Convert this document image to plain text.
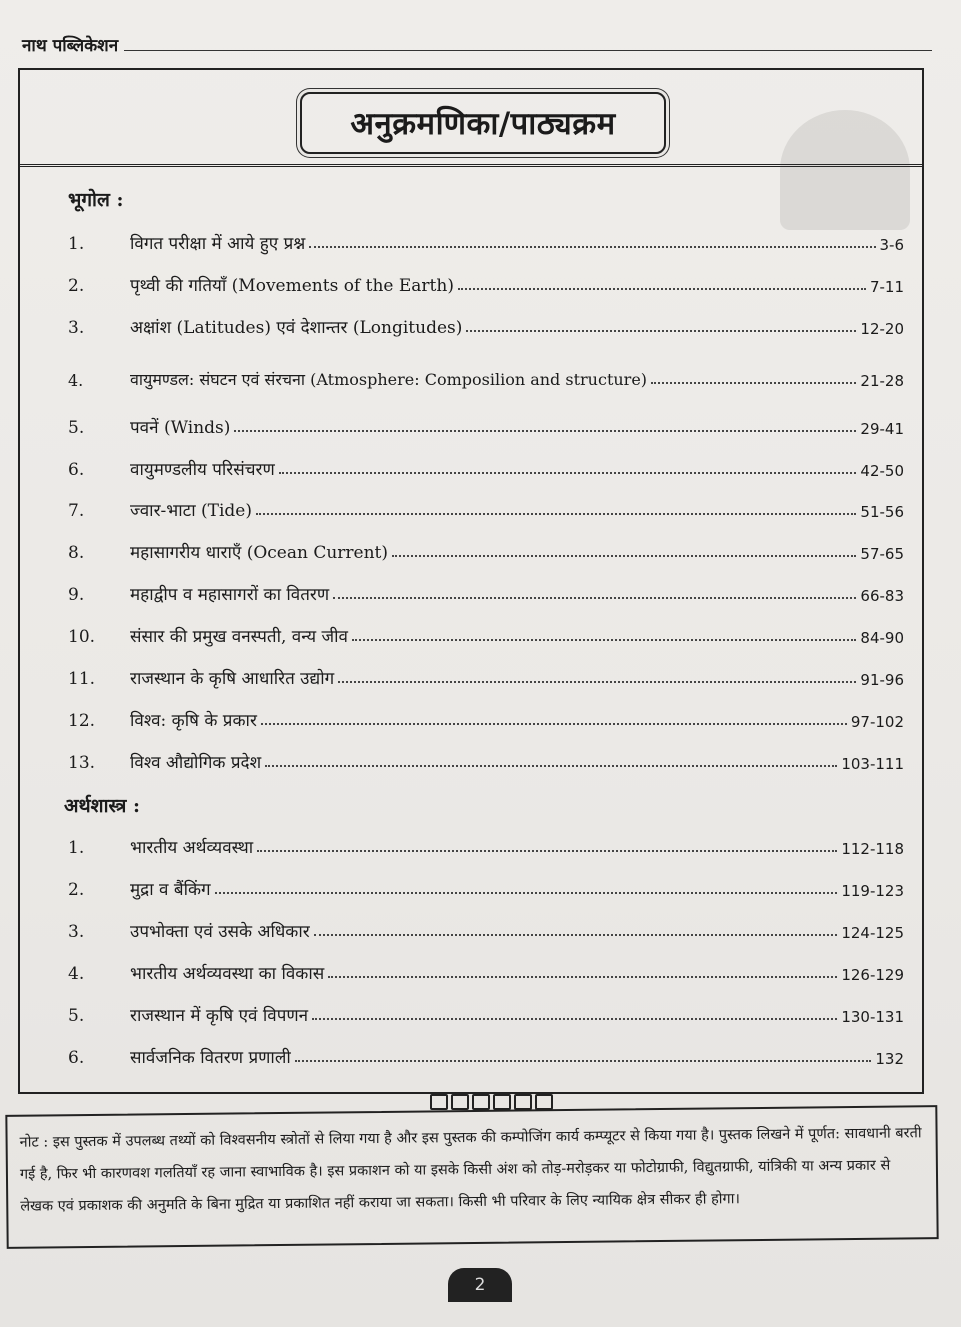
नाथ पब्लिकेशन
अनुक्रमणिका/पाठ्यक्रम
भूगोल :
1.	विगत परीक्षा में आये हुए प्रश्न	3-6
2.	पृथ्वी की गतियाँ (Movements of the Earth)	7-11
3.	अक्षांश (Latitudes) एवं देशान्तर (Longitudes)	12-20
4.	वायुमण्डल: संघटन एवं संरचना (Atmosphere: Composilion and structure)	21-28
5.	पवनें (Winds)	29-41
6.	वायुमण्डलीय परिसंचरण	42-50
7.	ज्वार-भाटा (Tide)	51-56
8.	महासागरीय धाराएँ (Ocean Current)	57-65
9.	महाद्वीप व महासागरों का वितरण	66-83
10.	संसार की प्रमुख वनस्पती, वन्य जीव	84-90
11.	राजस्थान के कृषि आधारित उद्योग	91-96
12.	विश्व: कृषि के प्रकार	97-102
13.	विश्व औद्योगिक प्रदेश	103-111
अर्थशास्त्र :
1.	भारतीय अर्थव्यवस्था	112-118
2.	मुद्रा व बैंकिंग	119-123
3.	उपभोक्ता एवं उसके अधिकार	124-125
4.	भारतीय अर्थव्यवस्था का विकास	126-129
5.	राजस्थान में कृषि एवं विपणन	130-131
6.	सार्वजनिक वितरण प्रणाली	132
नोट : इस पुस्तक में उपलब्ध तथ्यों को विश्वसनीय स्त्रोतों से लिया गया है और इस पुस्तक की कम्पोजिंग कार्य कम्प्यूटर से किया गया है। पुस्तक लिखने में पूर्णत: सावधानी बरती गई है, फिर भी कारणवश गलतियाँ रह जाना स्वाभाविक है। इस प्रकाशन को या इसके किसी अंश को तोड़-मरोड़कर या फोटोग्राफी, विद्युतग्राफी, यांत्रिकी या अन्य प्रकार से लेखक एवं प्रकाशक की अनुमति के बिना मुद्रित या प्रकाशित नहीं कराया जा सकता। किसी भी परिवार के लिए न्यायिक क्षेत्र सीकर ही होगा।
2
